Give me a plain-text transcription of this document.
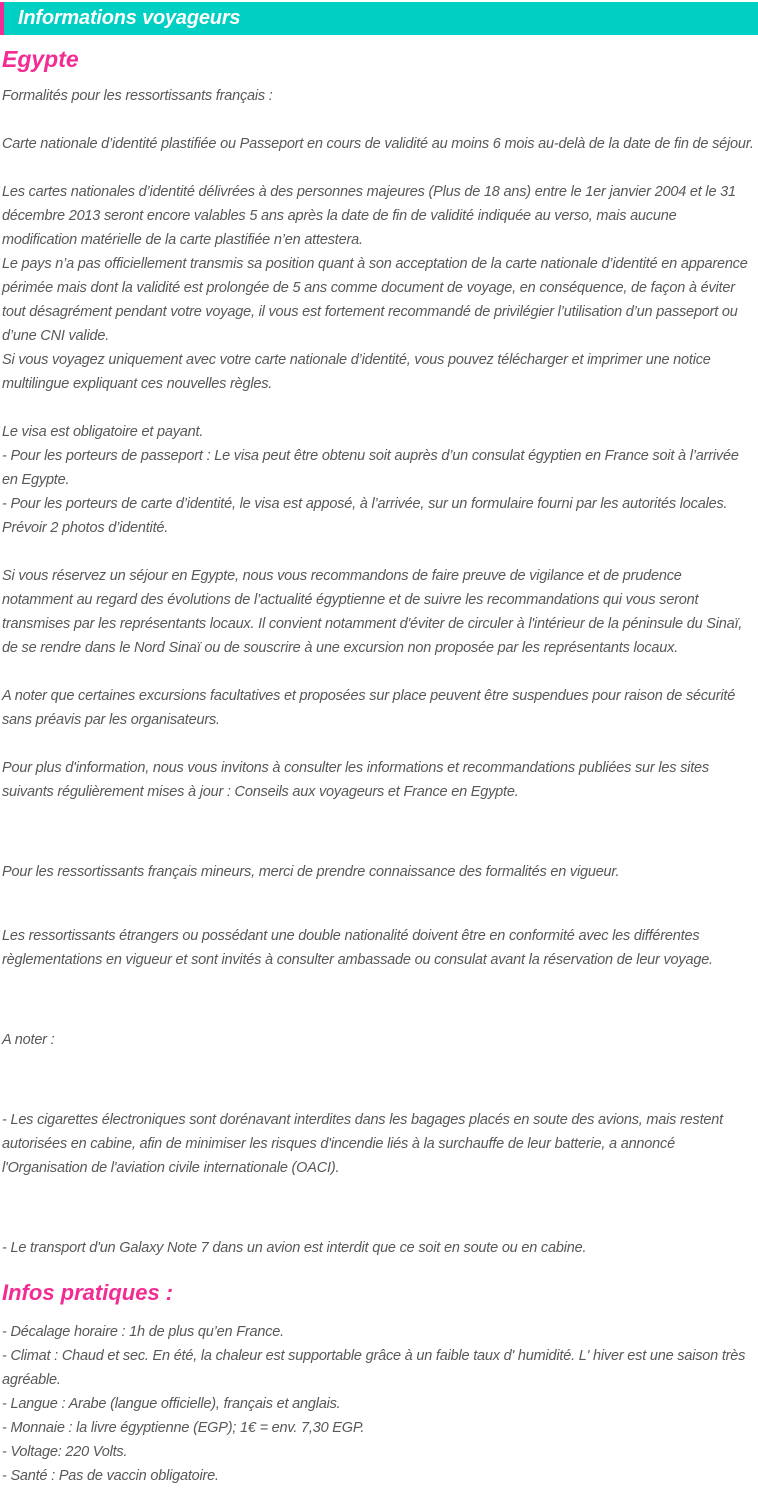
Informations voyageurs
Egypte

Formalités pour les ressortissants français :

Carte nationale d’identité plastifiée ou Passeport en cours de validité au moins 6 mois au-delà de la date de fin de séjour.

Les cartes nationales d’identité délivrées à des personnes majeures (Plus de 18 ans) entre le 1er janvier 2004 et le 31 décembre 2013 seront encore valables 5 ans après la date de fin de validité indiquée au verso, mais aucune modification matérielle de la carte plastifiée n’en attestera.

Le pays n’a pas officiellement transmis sa position quant à son acceptation de la carte nationale d’identité en apparence périmée mais dont la validité est prolongée de 5 ans comme document de voyage, en conséquence, de façon à éviter tout désagrément pendant votre voyage, il vous est fortement recommandé de privilégier l’utilisation d’un passeport ou d’une CNI valide.

Si vous voyagez uniquement avec votre carte nationale d’identité, vous pouvez télécharger et imprimer une notice multilingue expliquant ces nouvelles règles.

Le visa est obligatoire et payant.

- Pour les porteurs de passeport : Le visa peut être obtenu soit auprès d’un consulat égyptien en France soit à l’arrivée en Egypte.

- Pour les porteurs de carte d’identité, le visa est apposé, à l’arrivée, sur un formulaire fourni par les autorités locales. Prévoir 2 photos d’identité.

Si vous réservez un séjour en Egypte, nous vous recommandons de faire preuve de vigilance et de prudence notamment au regard des évolutions de l’actualité égyptienne et de suivre les recommandations qui vous seront transmises par les représentants locaux. Il convient notamment d'éviter de circuler à l'intérieur de la péninsule du Sinaï, de se rendre dans le Nord Sinaï ou de souscrire à une excursion non proposée par les représentants locaux.

A noter que certaines excursions facultatives et proposées sur place peuvent être suspendues pour raison de sécurité sans préavis par les organisateurs.

Pour plus d'information, nous vous invitons à consulter les informations et recommandations publiées sur les sites suivants régulièrement mises à jour : Conseils aux voyageurs et France en Egypte.

Pour les ressortissants français mineurs, merci de prendre connaissance des formalités en vigueur.

Les ressortissants étrangers ou possédant une double nationalité doivent être en conformité avec les différentes règlementations en vigueur et sont invités à consulter ambassade ou consulat avant la réservation de leur voyage.

A noter :

- Les cigarettes électroniques sont dorénavant interdites dans les bagages placés en soute des avions, mais restent autorisées en cabine, afin de minimiser les risques d'incendie liés à la surchauffe de leur batterie, a annoncé l'Organisation de l'aviation civile internationale (OACI).

- Le transport d'un Galaxy Note 7 dans un avion est interdit que ce soit en soute ou en cabine.

Infos pratiques :

- Décalage horaire : 1h de plus qu’en France.

- Climat : Chaud et sec. En été, la chaleur est supportable grâce à un faible taux d' humidité. L' hiver est une saison très agréable.

- Langue : Arabe (langue officielle), français et anglais.

- Monnaie : la livre égyptienne (EGP); 1€ = env. 7,30 EGP.

- Voltage: 220 Volts.

- Santé : Pas de vaccin obligatoire.
